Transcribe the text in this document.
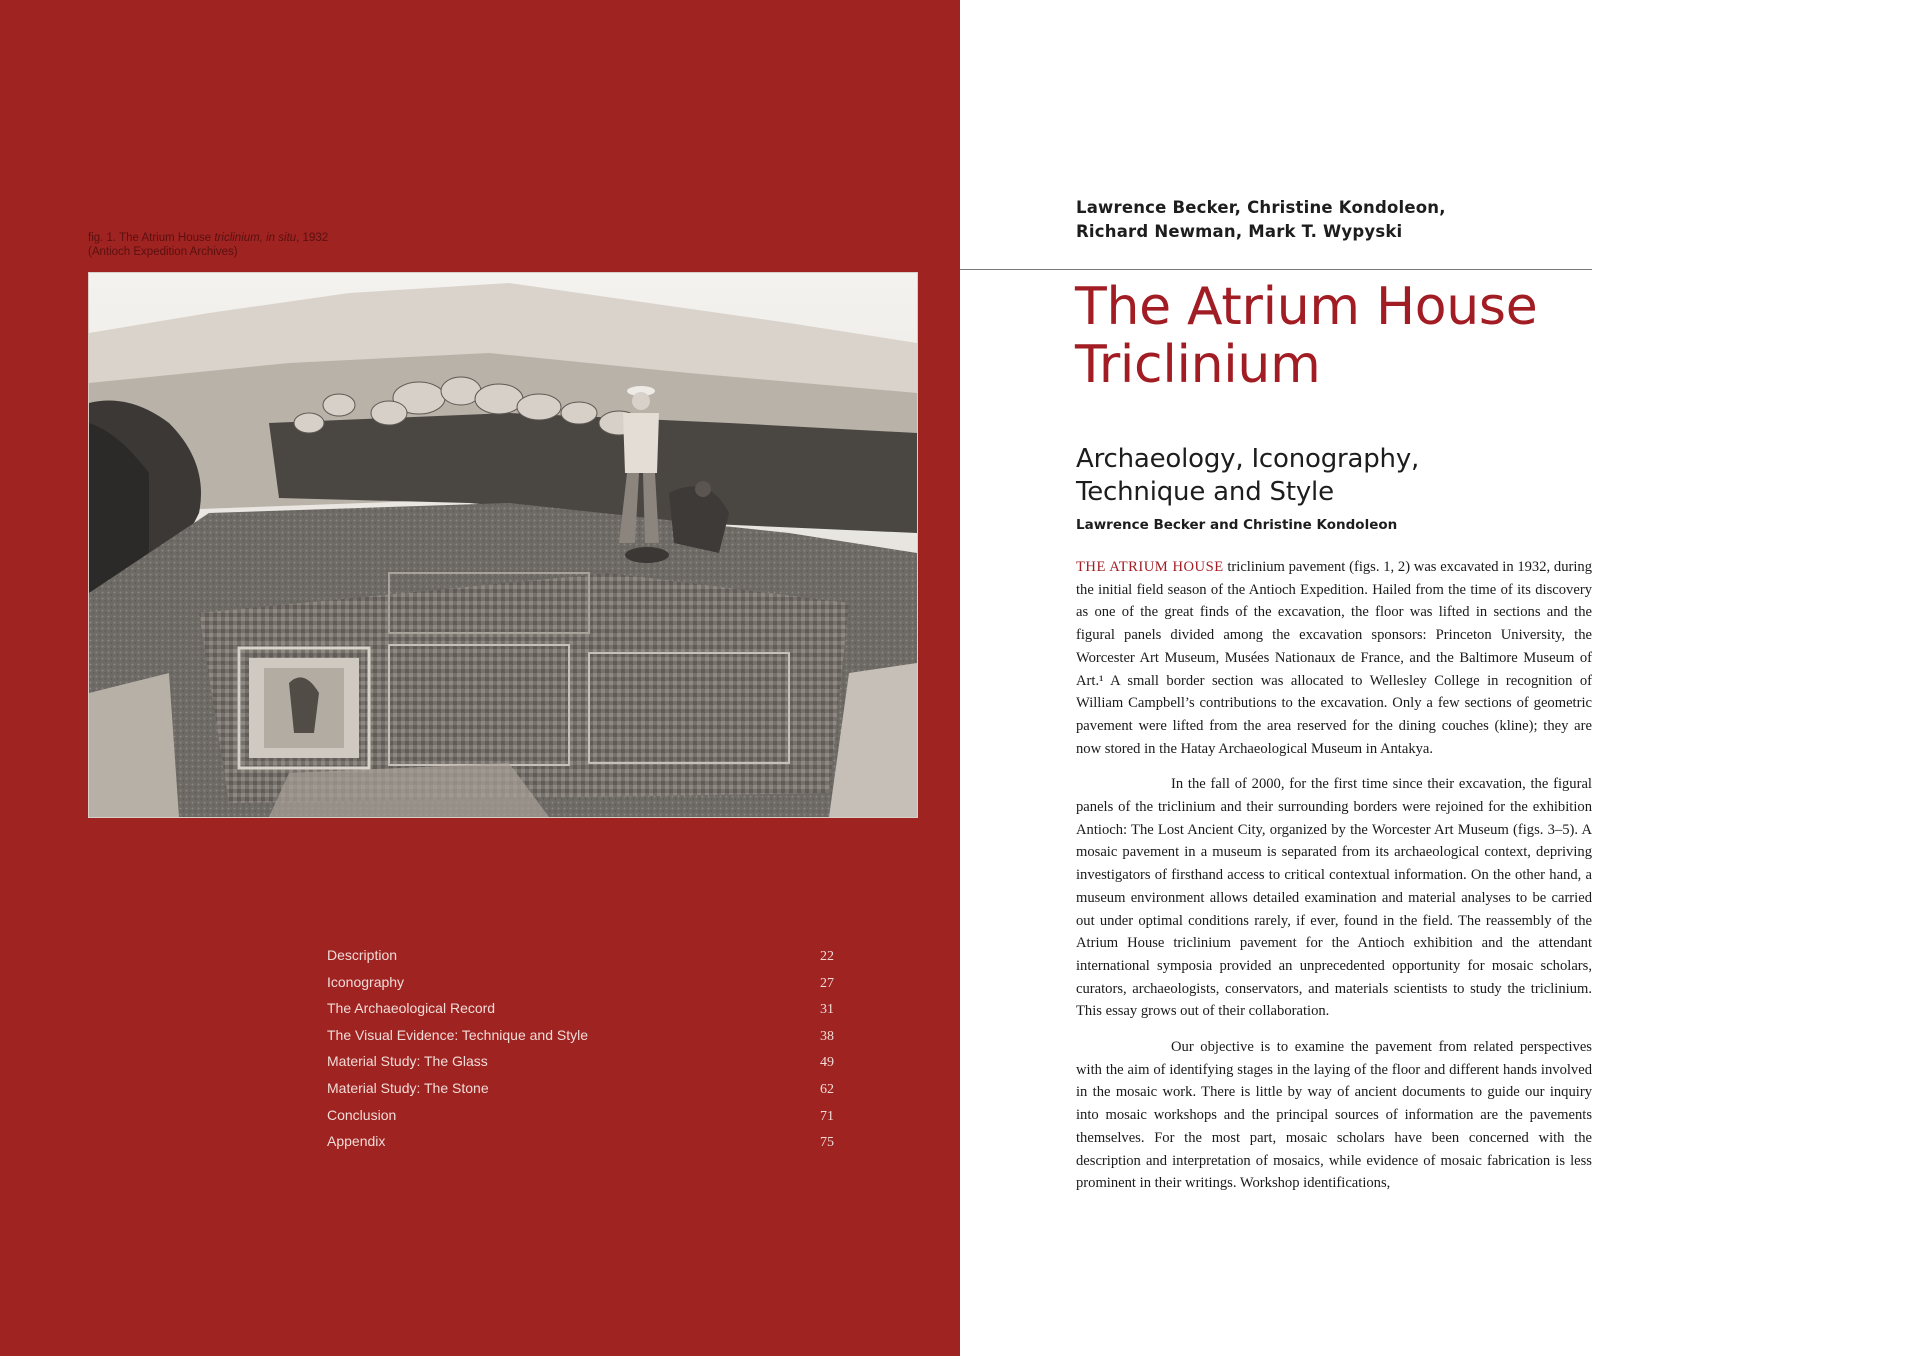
fig. 1. The Atrium House triclinium, in situ, 1932
(Antioch Expedition Archives)
Description	22
Iconography	27
The Archaeological Record	31
The Visual Evidence: Technique and Style	38
Material Study: The Glass	49
Material Study: The Stone	62
Conclusion	71
Appendix	75
Lawrence Becker, Christine Kondoleon,
Richard Newman, Mark T. Wypyski
The Atrium House
Triclinium
Archaeology, Iconography,
Technique and Style
Lawrence Becker and Christine Kondoleon

THE ATRIUM HOUSE triclinium pavement (figs. 1, 2) was excavated in 1932, during the initial field season of the Antioch Expedition. Hailed from the time of its discovery as one of the great finds of the excavation, the floor was lifted in sections and the figural panels divided among the excavation sponsors: Princeton University, the Worcester Art Museum, Musées Nationaux de France, and the Baltimore Museum of Art.¹ A small border section was allocated to Wellesley College in recognition of William Campbell’s contributions to the excavation. Only a few sections of geometric pavement were lifted from the area reserved for the dining couches (kline); they are now stored in the Hatay Archaeological Museum in Antakya.

In the fall of 2000, for the first time since their excavation, the figural panels of the triclinium and their surrounding borders were rejoined for the exhibition Antioch: The Lost Ancient City, organized by the Worcester Art Museum (figs. 3–5). A mosaic pavement in a museum is separated from its archaeological context, depriving investigators of firsthand access to critical contextual information. On the other hand, a museum environment allows detailed examination and material analyses to be carried out under optimal conditions rarely, if ever, found in the field. The reassembly of the Atrium House triclinium pavement for the Antioch exhibition and the attendant international symposia provided an unprecedented opportunity for mosaic scholars, curators, archaeologists, conservators, and materials scientists to study the triclinium. This essay grows out of their collaboration.

Our objective is to examine the pavement from related perspectives with the aim of identifying stages in the laying of the floor and different hands involved in the mosaic work. There is little by way of ancient documents to guide our inquiry into mosaic workshops and the principal sources of information are the pavements themselves. For the most part, mosaic scholars have been concerned with the description and interpretation of mosaics, while evidence of mosaic fabrication is less prominent in their writings. Workshop identifications,
